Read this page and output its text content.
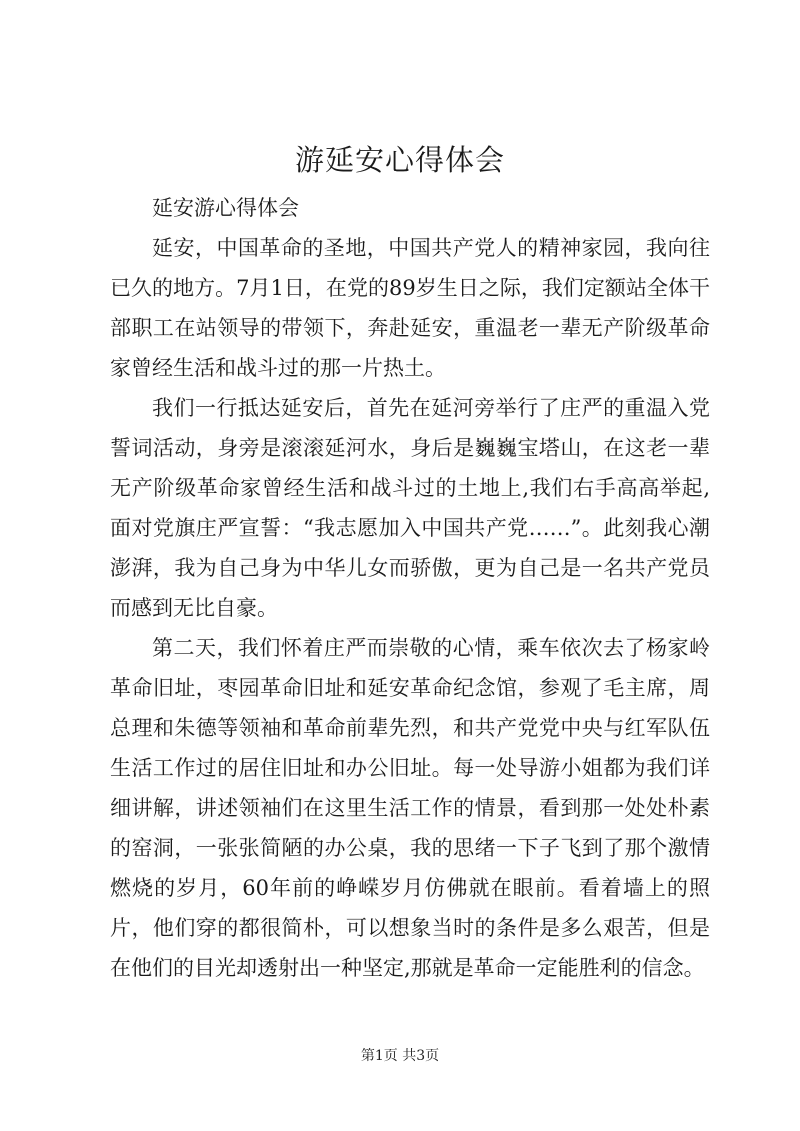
游延安心得体会

延安游心得体会

延安，中国革命的圣地，中国共产党人的精神家园，我向往已久的地方。7月1日，在党的89岁生日之际，我们定额站全体干部职工在站领导的带领下，奔赴延安，重温老一辈无产阶级革命家曾经生活和战斗过的那一片热土。

我们一行抵达延安后，首先在延河旁举行了庄严的重温入党誓词活动，身旁是滚滚延河水，身后是巍巍宝塔山，在这老一辈无产阶级革命家曾经生活和战斗过的土地上,我们右手高高举起,面对党旗庄严宣誓：“我志愿加入中国共产党……”。此刻我心潮澎湃，我为自己身为中华儿女而骄傲，更为自己是一名共产党员而感到无比自豪。

第二天，我们怀着庄严而崇敬的心情，乘车依次去了杨家岭革命旧址，枣园革命旧址和延安革命纪念馆，参观了毛主席，周总理和朱德等领袖和革命前辈先烈，和共产党党中央与红军队伍生活工作过的居住旧址和办公旧址。每一处导游小姐都为我们详细讲解，讲述领袖们在这里生活工作的情景，看到那一处处朴素的窑洞，一张张简陋的办公桌，我的思绪一下子飞到了那个激情燃烧的岁月，60年前的峥嵘岁月仿佛就在眼前。看着墙上的照片，他们穿的都很简朴，可以想象当时的条件是多么艰苦，但是在他们的目光却透射出一种坚定,那就是革命一定能胜利的信念。

第1页 共3页
